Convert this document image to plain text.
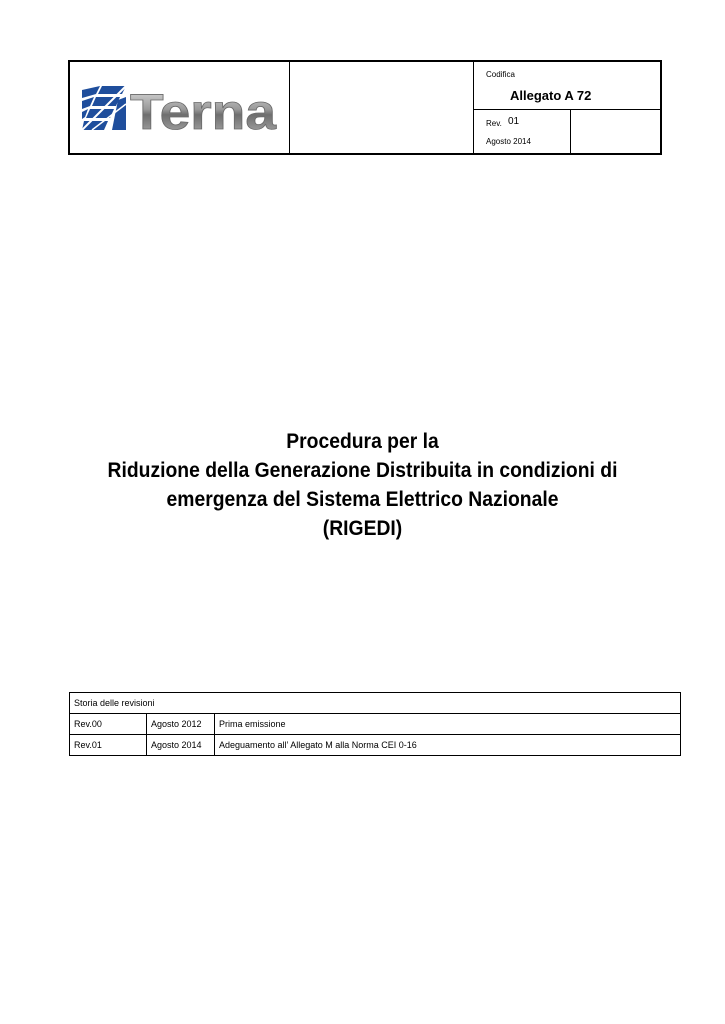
Terna
Codifica
Allegato A 72
Rev. 01
Agosto 2014
Procedura per la
Riduzione della Generazione Distribuita in condizioni di
emergenza del Sistema Elettrico Nazionale
(RIGEDI)
Storia delle revisioni		
Rev.00	Agosto 2012	Prima emissione
Rev.01	Agosto 2014	Adeguamento all’ Allegato M alla Norma CEI 0-16
